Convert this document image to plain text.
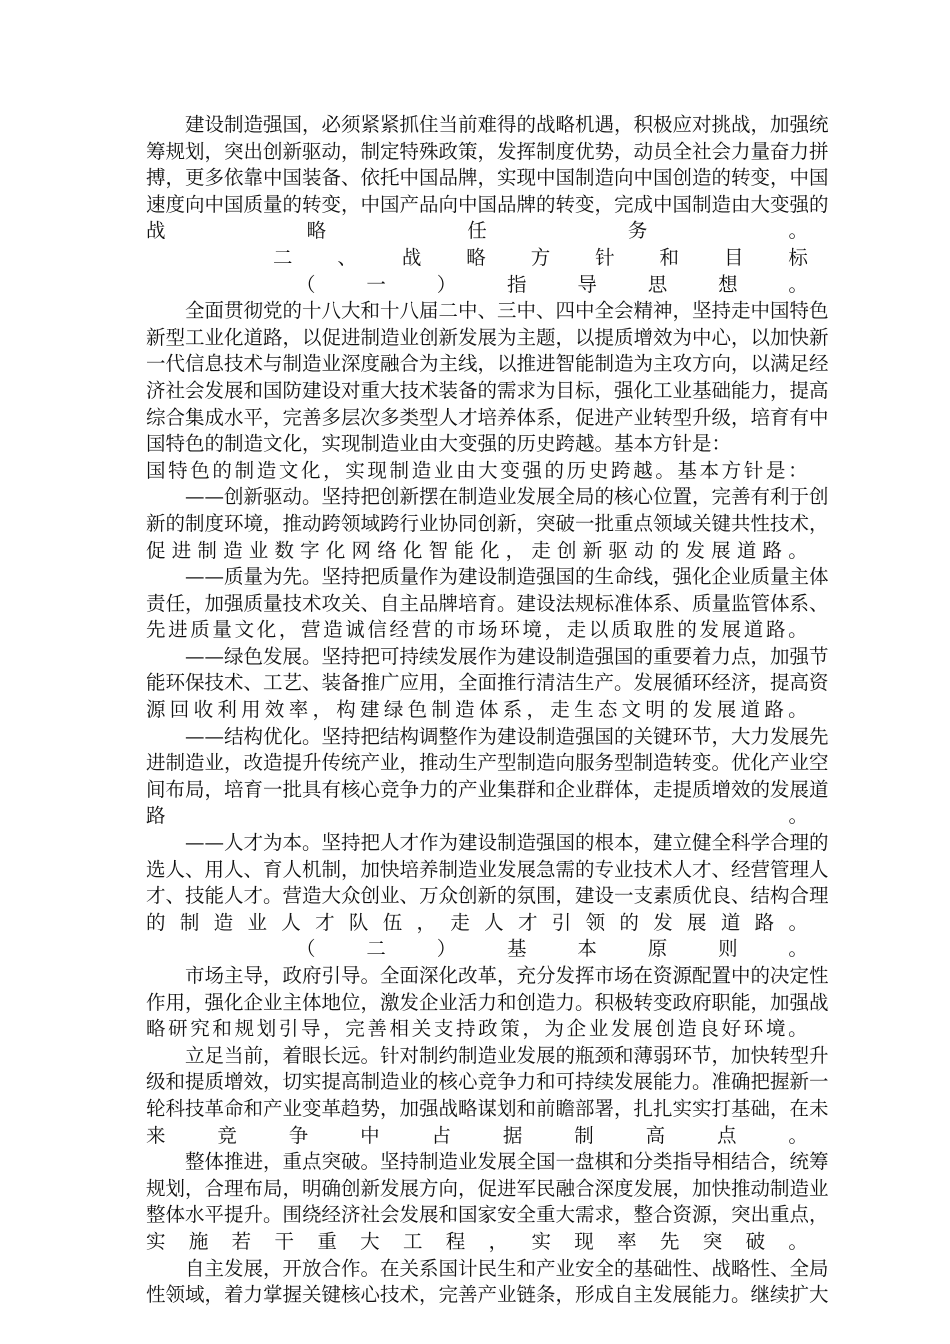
建设制造强国，必须紧紧抓住当前难得的战略机遇，积极应对挑战，加强统
筹规划，突出创新驱动，制定特殊政策，发挥制度优势，动员全社会力量奋力拼
搏，更多依靠中国装备、依托中国品牌，实现中国制造向中国创造的转变，中国
速度向中国质量的转变，中国产品向中国品牌的转变，完成中国制造由大变强的
战	略	任	务	。
二 、 战 略 方 针 和 目 标
（	一	）	指	导	思	想	。
全面贯彻党的十八大和十八届二中、三中、四中全会精神，坚持走中国特色
新型工业化道路，以促进制造业创新发展为主题，以提质增效为中心，以加快新
一代信息技术与制造业深度融合为主线，以推进智能制造为主攻方向，以满足经
济社会发展和国防建设对重大技术装备的需求为目标，强化工业基础能力，提高
综合集成水平，完善多层次多类型人才培养体系，促进产业转型升级，培育有中
国特色的制造文化，实现制造业由大变强的历史跨越。基本方针是：
国 特 色 的 制 造 文 化 ， 实 现 制 造 业 由 大 变 强 的 历 史 跨 越 。 基 本 方 针 是 ：
——创新驱动。坚持把创新摆在制造业发展全局的核心位置，完善有利于创
新的制度环境，推动跨领域跨行业协同创新，突破一批重点领域关键共性技术，
促 进 制 造 业 数 字 化 网 络 化 智 能 化 ， 走 创 新 驱 动 的 发 展 道 路 。
——质量为先。坚持把质量作为建设制造强国的生命线，强化企业质量主体
责任，加强质量技术攻关、自主品牌培育。建设法规标准体系、质量监管体系、
先 进 质 量 文 化 ， 营 造 诚 信 经 营 的 市 场 环 境 ， 走 以 质 取 胜 的 发 展 道 路 。
——绿色发展。坚持把可持续发展作为建设制造强国的重要着力点，加强节
能环保技术、工艺、装备推广应用，全面推行清洁生产。发展循环经济，提高资
源 回 收 利 用 效 率 ， 构 建 绿 色 制 造 体 系 ， 走 生 态 文 明 的 发 展 道 路 。
——结构优化。坚持把结构调整作为建设制造强国的关键环节，大力发展先
进制造业，改造提升传统产业，推动生产型制造向服务型制造转变。优化产业空
间布局，培育一批具有核心竞争力的产业集群和企业群体，走提质增效的发展道
路	。
——人才为本。坚持把人才作为建设制造强国的根本，建立健全科学合理的
选人、用人、育人机制，加快培养制造业发展急需的专业技术人才、经营管理人
才、技能人才。营造大众创业、万众创新的氛围，建设一支素质优良、结构合理
的 制 造 业 人 才 队 伍 ， 走 人 才 引 领 的 发 展 道 路 。
（	二	）	基	本	原	则	。
市场主导，政府引导。全面深化改革，充分发挥市场在资源配置中的决定性
作用，强化企业主体地位，激发企业活力和创造力。积极转变政府职能，加强战
略 研 究 和 规 划 引 导 ， 完 善 相 关 支 持 政 策 ， 为 企 业 发 展 创 造 良 好 环 境 。
立足当前，着眼长远。针对制约制造业发展的瓶颈和薄弱环节，加快转型升
级和提质增效，切实提高制造业的核心竞争力和可持续发展能力。准确把握新一
轮科技革命和产业变革趋势，加强战略谋划和前瞻部署，扎扎实实打基础，在未
来	竞	争	中	占	据	制	高	点	。
整体推进，重点突破。坚持制造业发展全国一盘棋和分类指导相结合，统筹
规划，合理布局，明确创新发展方向，促进军民融合深度发展，加快推动制造业
整体水平提升。围绕经济社会发展和国家安全重大需求，整合资源，突出重点，
实 施 若 干 重 大 工 程 ， 实 现 率 先 突 破 。
自主发展，开放合作。在关系国计民生和产业安全的基础性、战略性、全局
性领域，着力掌握关键核心技术，完善产业链条，形成自主发展能力。继续扩大
